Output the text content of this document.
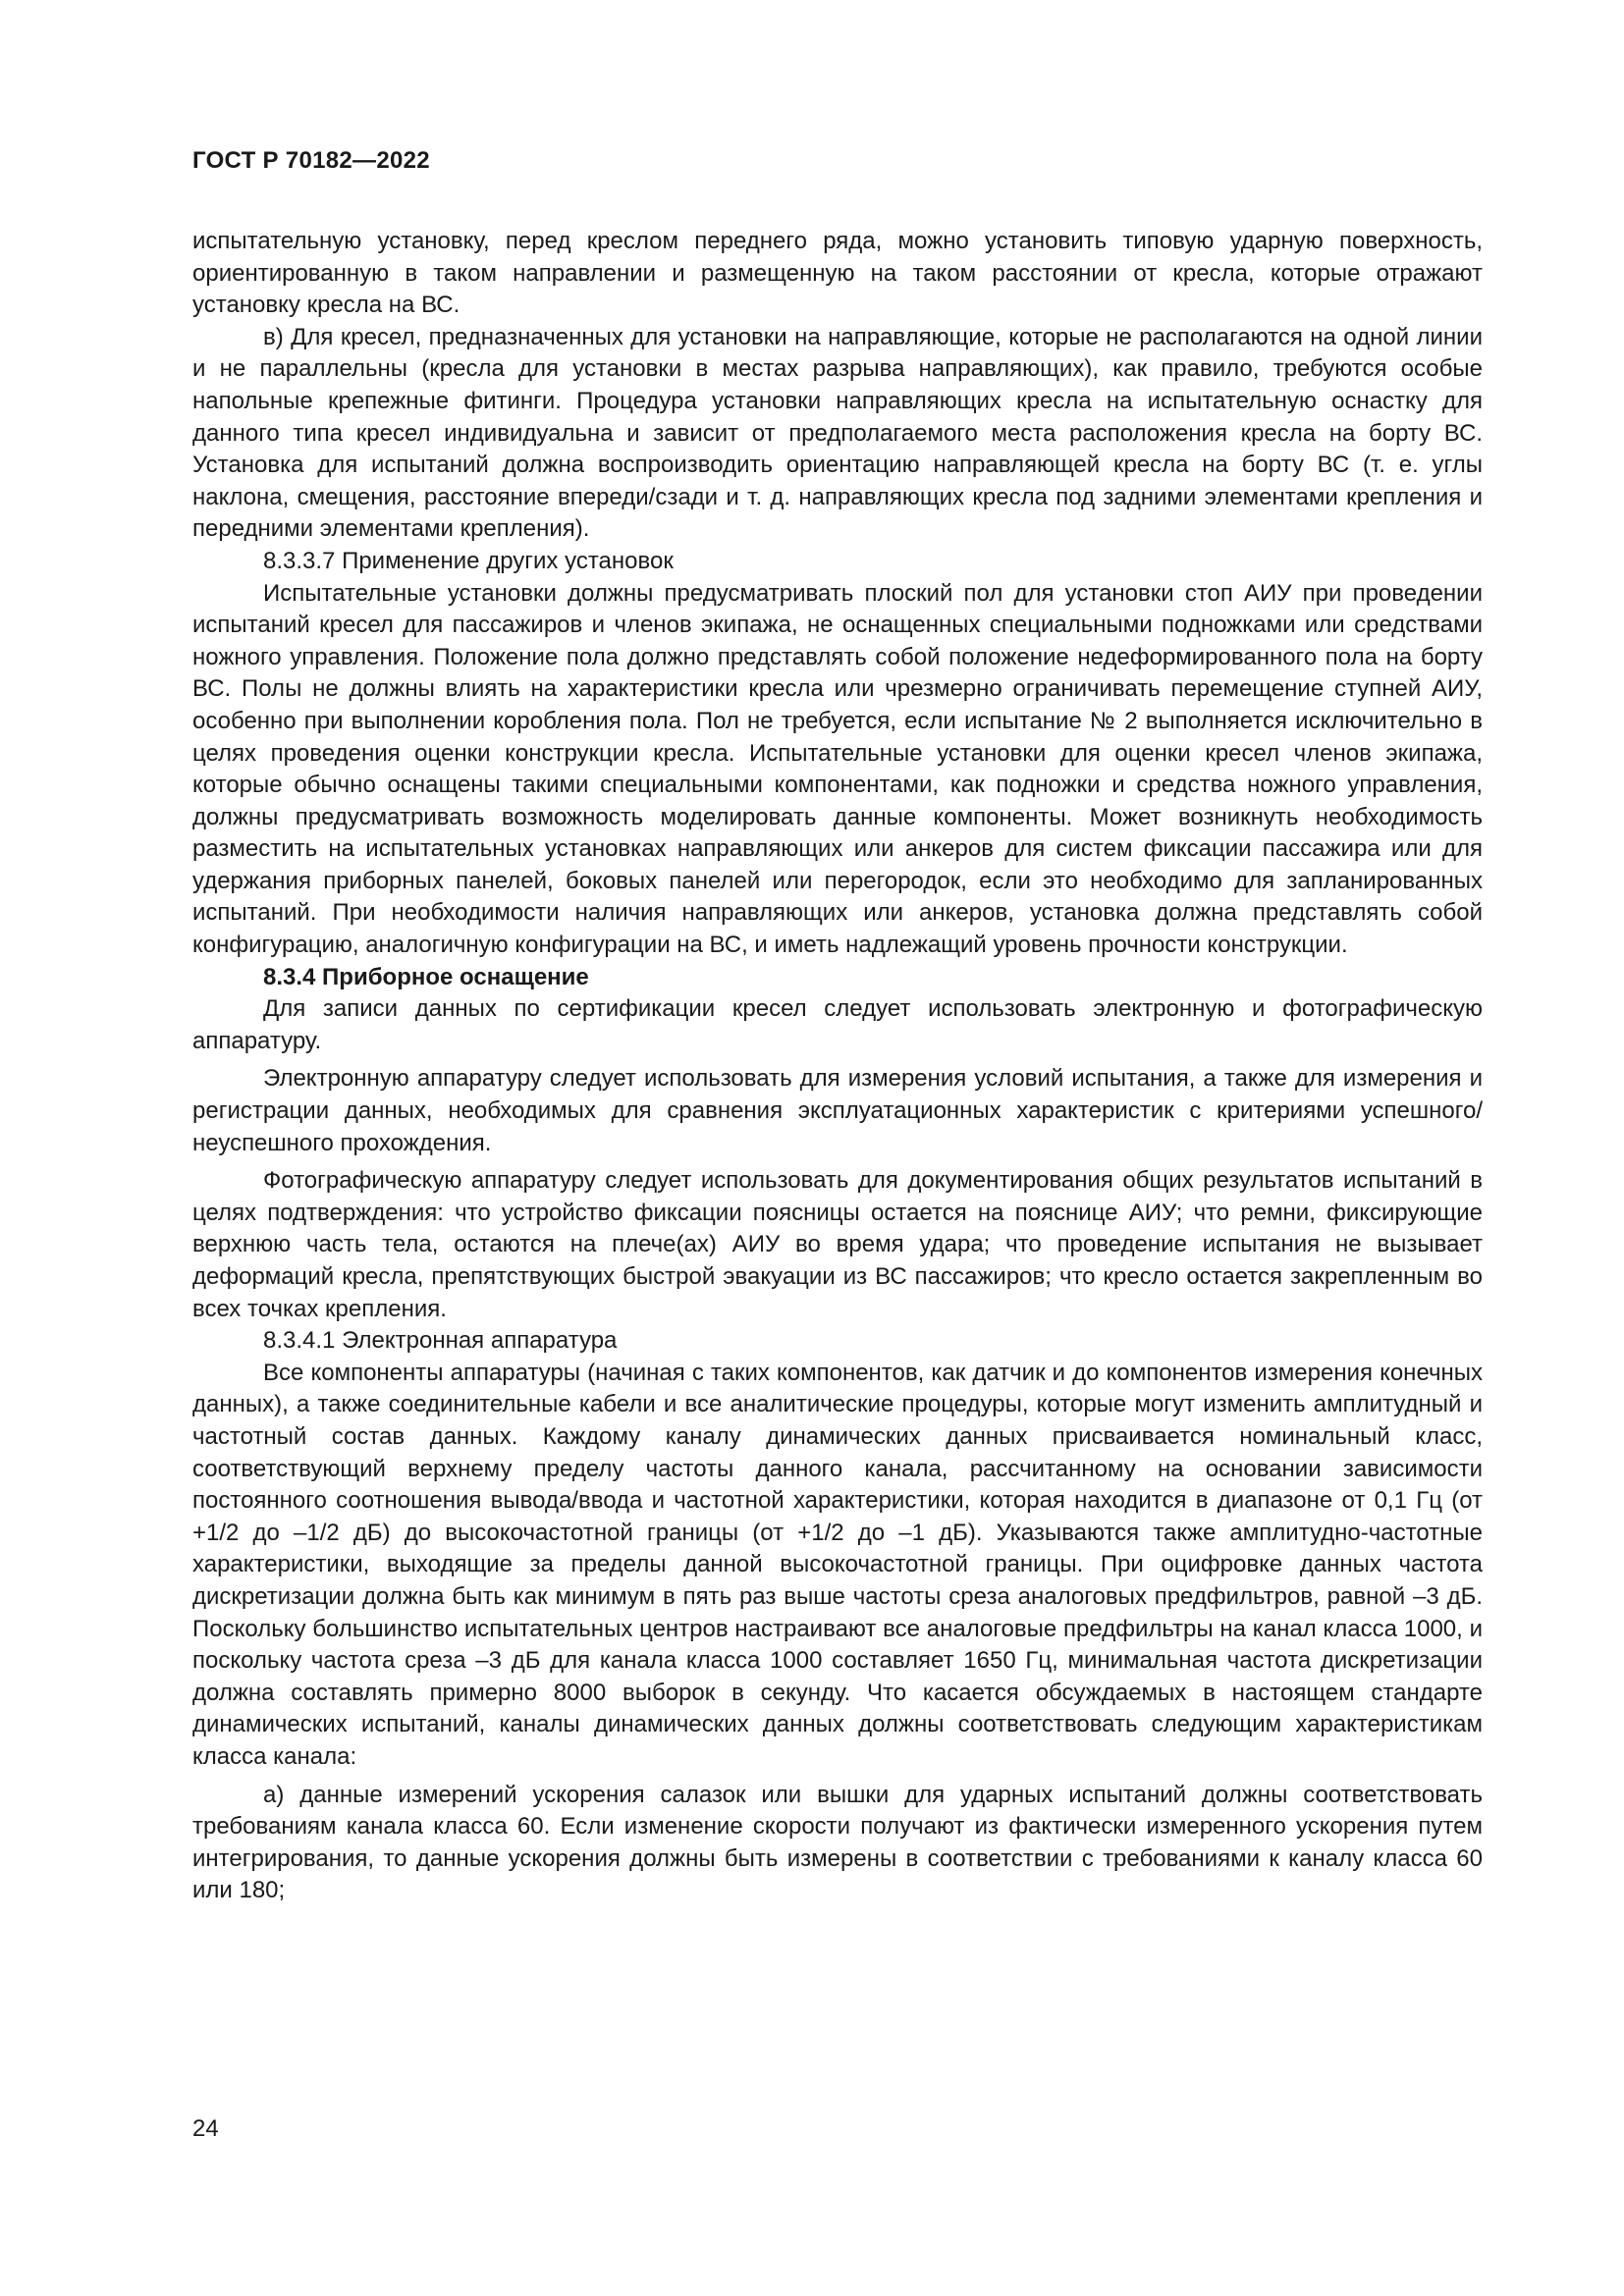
ГОСТ Р 70182—2022

испытательную установку, перед креслом переднего ряда, можно установить типовую ударную поверхность, ориентированную в таком направлении и размещенную на таком расстоянии от кресла, которые отражают установку кресла на ВС.

в) Для кресел, предназначенных для установки на направляющие, которые не располагаются на одной линии и не параллельны (кресла для установки в местах разрыва направляющих), как правило, требуются особые напольные крепежные фитинги. Процедура установки направляющих кресла на испытательную оснастку для данного типа кресел индивидуальна и зависит от предполагаемого места расположения кресла на борту ВС. Установка для испытаний должна воспроизводить ориентацию направляющей кресла на борту ВС (т. е. углы наклона, смещения, расстояние впереди/сзади и т. д. направляющих кресла под задними элементами крепления и передними элементами крепления).

8.3.3.7 Применение других установок

Испытательные установки должны предусматривать плоский пол для установки стоп АИУ при проведении испытаний кресел для пассажиров и членов экипажа, не оснащенных специальными подножками или средствами ножного управления. Положение пола должно представлять собой положение недеформированного пола на борту ВС. Полы не должны влиять на характеристики кресла или чрезмерно ограничивать перемещение ступней АИУ, особенно при выполнении коробления пола. Пол не требуется, если испытание № 2 выполняется исключительно в целях проведения оценки конструкции кресла. Испытательные установки для оценки кресел членов экипажа, которые обычно оснащены такими специальными компонентами, как подножки и средства ножного управления, должны предусматривать возможность моделировать данные компоненты. Может возникнуть необходимость разместить на испытательных установках направляющих или анкеров для систем фиксации пассажира или для удержания приборных панелей, боковых панелей или перегородок, если это необходимо для запланированных испытаний. При необходимости наличия направляющих или анкеров, установка должна представлять собой конфигурацию, аналогичную конфигурации на ВС, и иметь надлежащий уровень прочности конструкции.

8.3.4 Приборное оснащение

Для записи данных по сертификации кресел следует использовать электронную и фотографическую аппаратуру.

Электронную аппаратуру следует использовать для измерения условий испытания, а также для измерения и регистрации данных, необходимых для сравнения эксплуатационных характеристик с критериями успешного/неуспешного прохождения.

Фотографическую аппаратуру следует использовать для документирования общих результатов испытаний в целях подтверждения: что устройство фиксации поясницы остается на пояснице АИУ; что ремни, фиксирующие верхнюю часть тела, остаются на плече(ах) АИУ во время удара; что проведение испытания не вызывает деформаций кресла, препятствующих быстрой эвакуации из ВС пассажиров; что кресло остается закрепленным во всех точках крепления.

8.3.4.1 Электронная аппаратура

Все компоненты аппаратуры (начиная с таких компонентов, как датчик и до компонентов измерения конечных данных), а также соединительные кабели и все аналитические процедуры, которые могут изменить амплитудный и частотный состав данных. Каждому каналу динамических данных присваивается номинальный класс, соответствующий верхнему пределу частоты данного канала, рассчитанному на основании зависимости постоянного соотношения вывода/ввода и частотной характеристики, которая находится в диапазоне от 0,1 Гц (от +1/2 до –1/2 дБ) до высокочастотной границы (от +1/2 до –1 дБ). Указываются также амплитудно-частотные характеристики, выходящие за пределы данной высокочастотной границы. При оцифровке данных частота дискретизации должна быть как минимум в пять раз выше частоты среза аналоговых предфильтров, равной –3 дБ. Поскольку большинство испытательных центров настраивают все аналоговые предфильтры на канал класса 1000, и поскольку частота среза –3 дБ для канала класса 1000 составляет 1650 Гц, минимальная частота дискретизации должна составлять примерно 8000 выборок в секунду. Что касается обсуждаемых в настоящем стандарте динамических испытаний, каналы динамических данных должны соответствовать следующим характеристикам класса канала:

а) данные измерений ускорения салазок или вышки для ударных испытаний должны соответствовать требованиям канала класса 60. Если изменение скорости получают из фактически измеренного ускорения путем интегрирования, то данные ускорения должны быть измерены в соответствии с требованиями к каналу класса 60 или 180;

24
